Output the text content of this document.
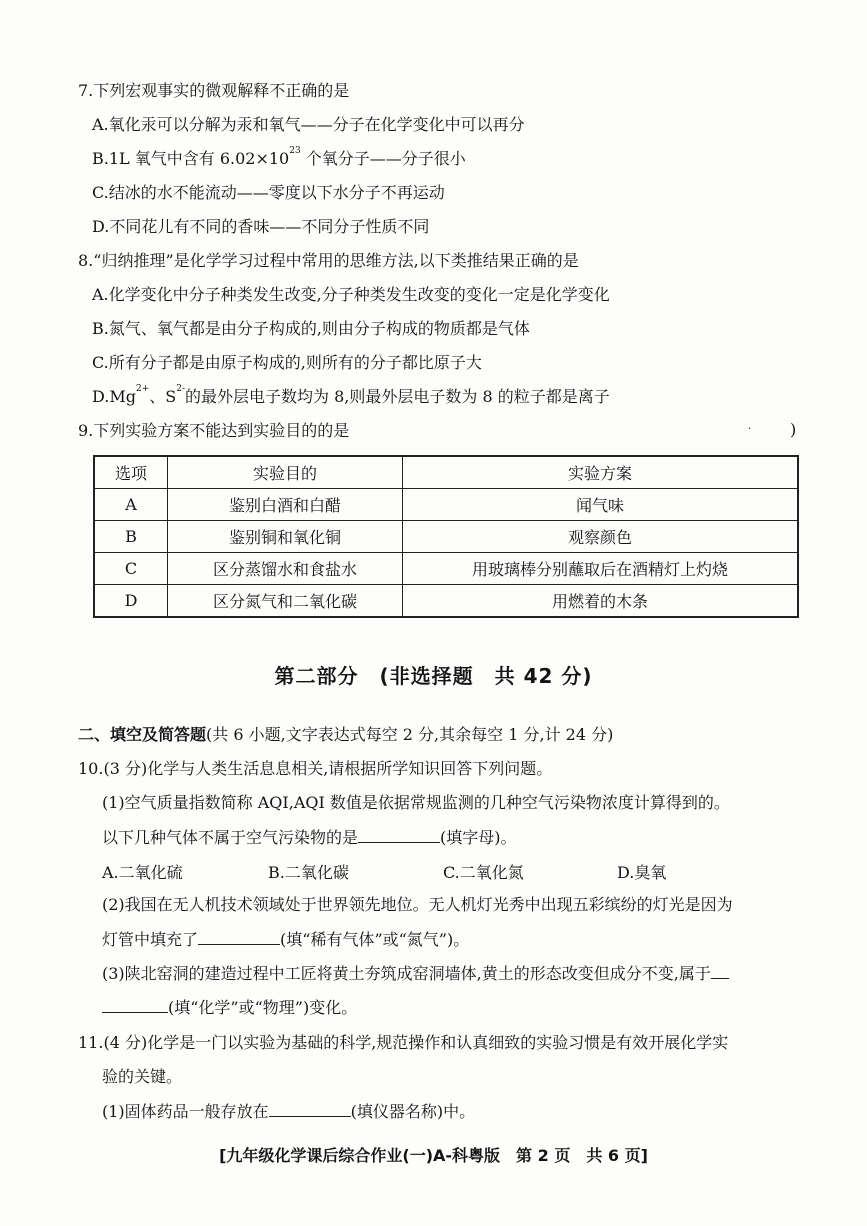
7.下列宏观事实的微观解释不正确的是
A.氧化汞可以分解为汞和氧气——分子在化学变化中可以再分
B.1L 氧气中含有 $6.02\times 10^{23}$ 个氧分子——分子很小
C.结冰的水不能流动——零度以下水分子不再运动
D.不同花儿有不同的香味——不同分子性质不同
8.“归纳推理”是化学学习过程中常用的思维方法,以下类推结果正确的是
A.化学变化中分子种类发生改变,分子种类发生改变的变化一定是化学变化
B.氮气、氧气都是由分子构成的,则由分子构成的物质都是气体
C.所有分子都是由原子构成的,则所有的分子都比原子大
$D.Mg^{2+}$、$S^{2-}$的最外层电子数均为 8,则最外层电子数为 8 的粒子都是离子
9.下列实验方案不能达到实验目的的是	· )
选项	实验目的	实验方案
A	鉴别白酒和白醋	闻气味
B	鉴别铜和氧化铜	观察颜色
C	区分蒸馏水和食盐水	用玻璃棒分别蘸取后在酒精灯上灼烧
D	区分氮气和二氧化碳	用燃着的木条
第二部分　(非选择题　共 42 分)
二、填空及简答题(共 6 小题,文字表达式每空 2 分,其余每空 1 分,计 24 分)
10.(3 分)化学与人类生活息息相关,请根据所学知识回答下列问题。
(1)空气质量指数简称 AQI,AQI 数值是依据常规监测的几种空气污染物浓度计算得到的。
以下几种气体不属于空气污染物的是	(填字母)。
A.二氧化硫	B.二氧化碳	C.二氧化氮	D.臭氧
(2)我国在无人机技术领域处于世界领先地位。无人机灯光秀中出现五彩缤纷的灯光是因为
灯管中填充了	(填“稀有气体”或“氮气”)。
(3)陕北窑洞的建造过程中工匠将黄土夯筑成窑洞墙体,黄土的形态改变但成分不变,属于
(填“化学”或“物理”)变化。
11.(4 分)化学是一门以实验为基础的科学,规范操作和认真细致的实验习惯是有效开展化学实
验的关键。
(1)固体药品一般存放在	(填仪器名称)中。
[九年级化学课后综合作业(一)A-科粤版　第 2 页　共 6 页]
